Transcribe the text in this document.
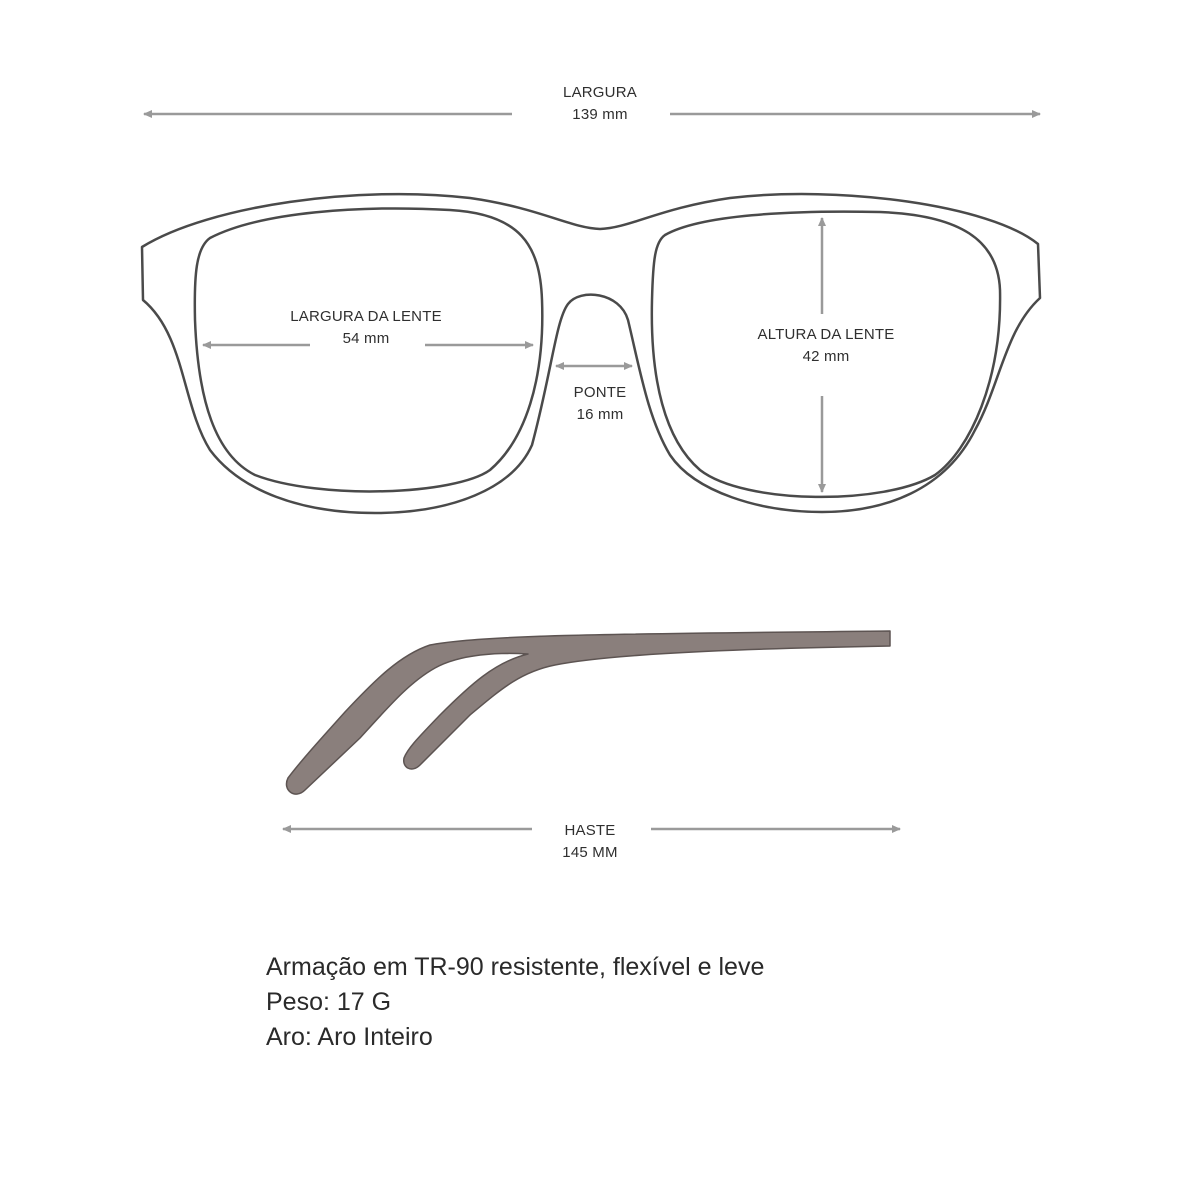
LARGURA
139 mm
LARGURA DA LENTE
54 mm
PONTE
16 mm
ALTURA DA LENTE
42 mm
HASTE
145 MM
Armação em TR-90 resistente, flexível e leve
Peso: 17 G
Aro: Aro Inteiro
